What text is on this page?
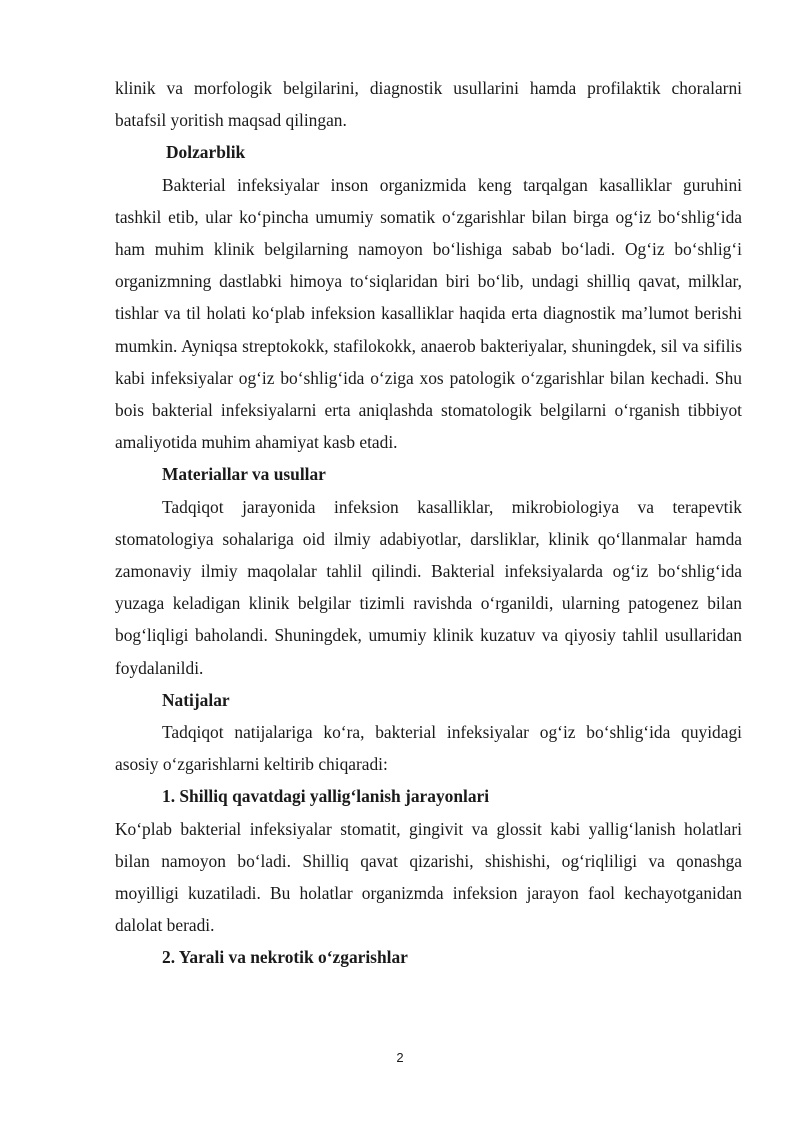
klinik va morfologik belgilarini, diagnostik usullarini hamda profilaktik choralarni batafsil yoritish maqsad qilingan.

Dolzarblik

Bakterial infeksiyalar inson organizmida keng tarqalgan kasalliklar guruhini tashkil etib, ular koʻpincha umumiy somatik oʻzgarishlar bilan birga ogʻiz boʻshligʻida ham muhim klinik belgilarning namoyon boʻlishiga sabab boʻladi. Ogʻiz boʻshligʻi organizmning dastlabki himoya toʻsiqlaridan biri boʻlib, undagi shilliq qavat, milklar, tishlar va til holati koʻplab infeksion kasalliklar haqida erta diagnostik maʼlumot berishi mumkin. Ayniqsa streptokokk, stafilokokk, anaerob bakteriyalar, shuningdek, sil va sifilis kabi infeksiyalar ogʻiz boʻshligʻida oʻziga xos patologik oʻzgarishlar bilan kechadi. Shu bois bakterial infeksiyalarni erta aniqlashda stomatologik belgilarni oʻrganish tibbiyot amaliyotida muhim ahamiyat kasb etadi.

Materiallar va usullar

Tadqiqot jarayonida infeksion kasalliklar, mikrobiologiya va terapevtik stomatologiya sohalariga oid ilmiy adabiyotlar, darsliklar, klinik qoʻllanmalar hamda zamonaviy ilmiy maqolalar tahlil qilindi. Bakterial infeksiyalarda ogʻiz boʻshligʻida yuzaga keladigan klinik belgilar tizimli ravishda oʻrganildi, ularning patogenez bilan bogʻliqligi baholandi. Shuningdek, umumiy klinik kuzatuv va qiyosiy tahlil usullaridan foydalanildi.

Natijalar

Tadqiqot natijalariga koʻra, bakterial infeksiyalar ogʻiz boʻshligʻida quyidagi asosiy oʻzgarishlarni keltirib chiqaradi:

1. Shilliq qavatdagi yalligʻlanish jarayonlari

Koʻplab bakterial infeksiyalar stomatit, gingivit va glossit kabi yalligʻlanish holatlari bilan namoyon boʻladi. Shilliq qavat qizarishi, shishishi, ogʻriqliligi va qonashga moyilligi kuzatiladi. Bu holatlar organizmda infeksion jarayon faol kechayotganidan dalolat beradi.

2. Yarali va nekrotik oʻzgarishlar

2
